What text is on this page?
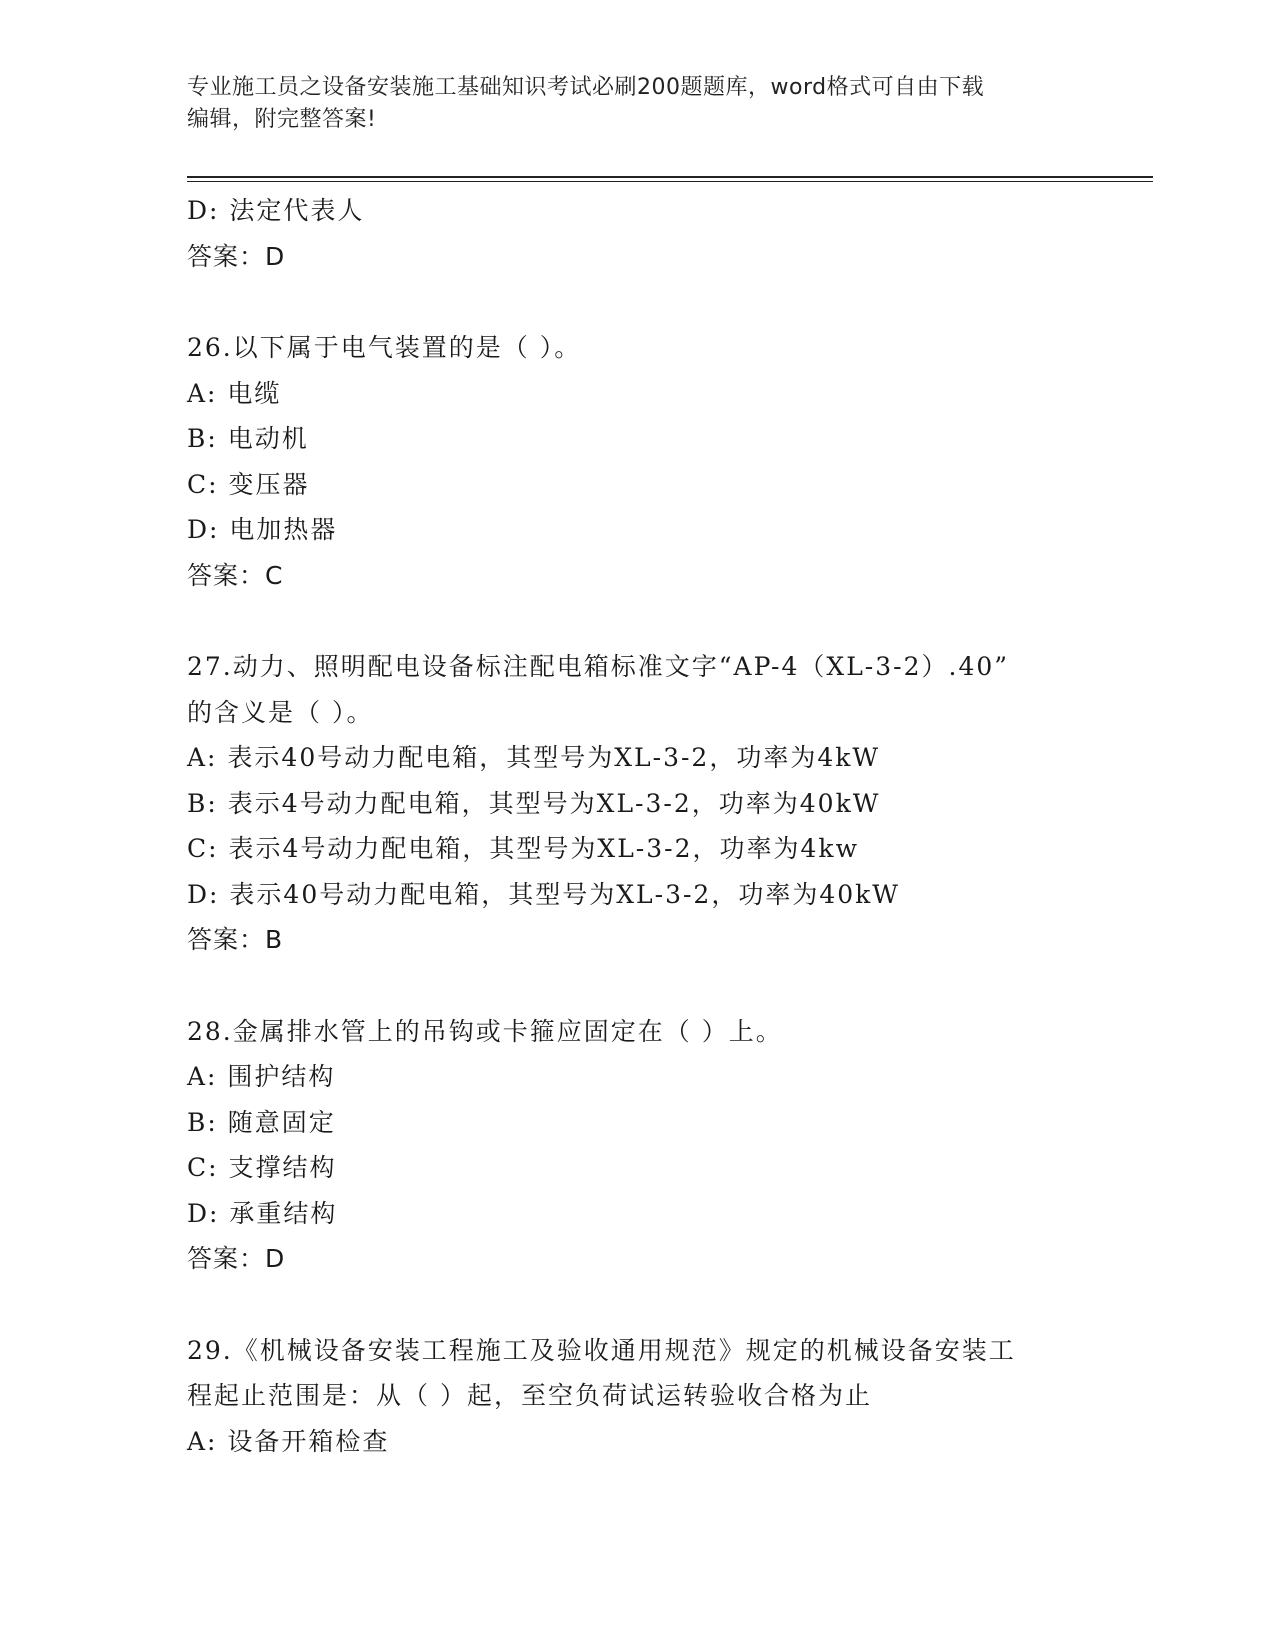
专业施工员之设备安装施工基础知识考试必刷200题题库，word格式可自由下载
编辑，附完整答案!
D: 法定代表人
答案：D
26.以下属于电气装置的是（ ）。
A: 电缆
B: 电动机
C: 变压器
D: 电加热器
答案：C
27.动力、照明配电设备标注配电箱标准文字“AP-4（XL-3-2）.40”
的含义是（ ）。
A: 表示40号动力配电箱，其型号为XL-3-2，功率为4kW
B: 表示4号动力配电箱，其型号为XL-3-2，功率为40kW
C: 表示4号动力配电箱，其型号为XL-3-2，功率为4kw
D: 表示40号动力配电箱，其型号为XL-3-2，功率为40kW
答案：B
28.金属排水管上的吊钩或卡箍应固定在（ ）上。
A: 围护结构
B: 随意固定
C: 支撑结构
D: 承重结构
答案：D
29.《机械设备安装工程施工及验收通用规范》规定的机械设备安装工
程起止范围是：从（ ）起，至空负荷试运转验收合格为止
A: 设备开箱检查
